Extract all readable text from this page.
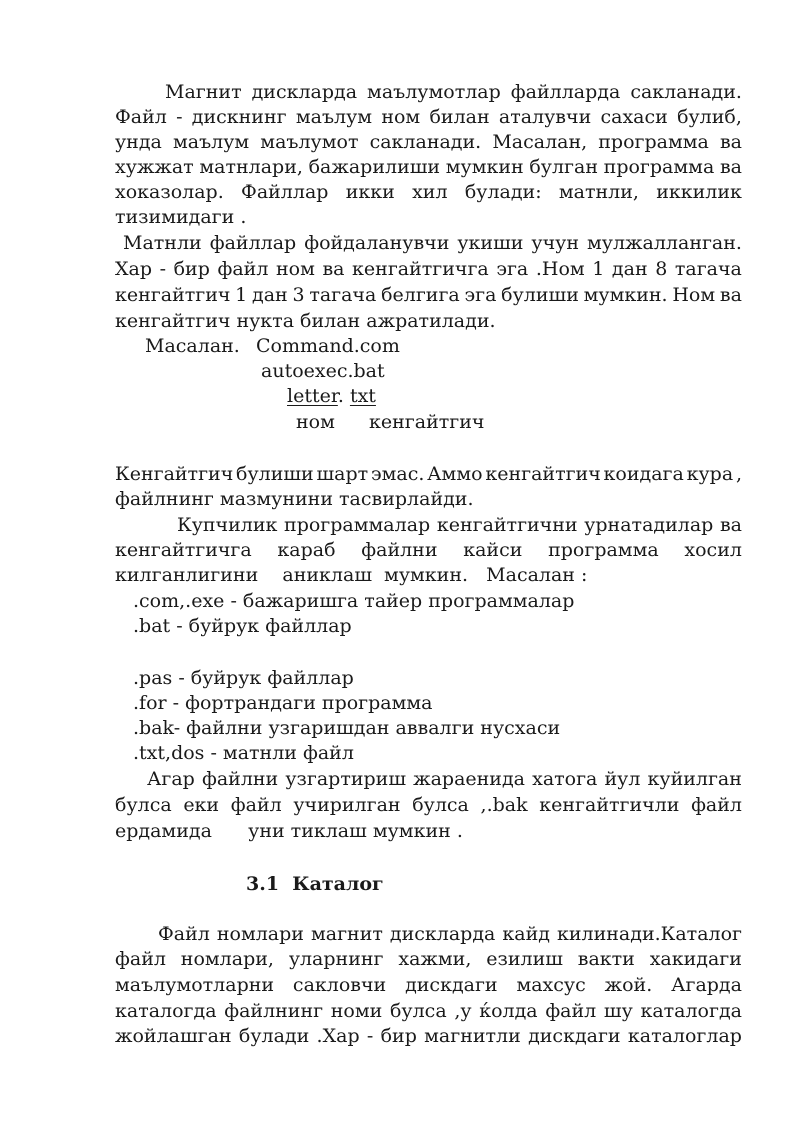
Магнит дискларда маълумотлар файлларда сакланади.
Файл - дискнинг маълум ном билан аталувчи сахаси булиб,
унда маълум маълумот сакланади. Масалан, программа ва
хужжат матнлари, бажарилиши мумкин булган программа ва
хоказолар. Файллар икки хил булади: матнли, иккилик
тизимидаги .
Матнли файллар фойдаланувчи укиши учун мулжалланган.
Хар - бир файл ном ва кенгайтгичга эга .Ном 1 дан 8 тагача
кенгайтгич 1 дан 3 тагача белгига эга булиши мумкин. Ном ва
кенгайтгич нукта билан ажратилади.
Масалан. Command.com
autoexec.bat
letter. txt
ном кенгайтгич
Кенгайтгич булиши шарт эмас. Аммо кенгайтгич коидага кура ,
файлнинг мазмунини тасвирлайди.
Купчилик программалар кенгайтгични урнатадилар ва
кенгайтгичга караб файлни кайси программа хосил
килганлигини    аниклаш  мумкин.   Масалан :
.com,.exe - бажаришга тайер программалар
.bat - буйрук файллар
.pas - буйрук файллар
.for - фортрандаги программа
.bak- файлни узгаришдан аввалги нусхаси
.txt,dos - матнли файл
Агар файлни узгартириш жараенида хатога йул куйилган
булса еки файл учирилган булса ,.bak кенгайтгичли файл
ердамида      уни тиклаш мумкин .
3.1  Каталог
Файл номлари магнит дискларда кайд килинади.Каталог
файл номлари, уларнинг хажми, езилиш вакти хакидаги
маълумотларни сакловчи дискдаги махсус жой. Агарда
каталогда файлнинг номи булса ,у ќолда файл шу каталогда
жойлашган булади .Хар - бир магнитли дискдаги каталоглар
